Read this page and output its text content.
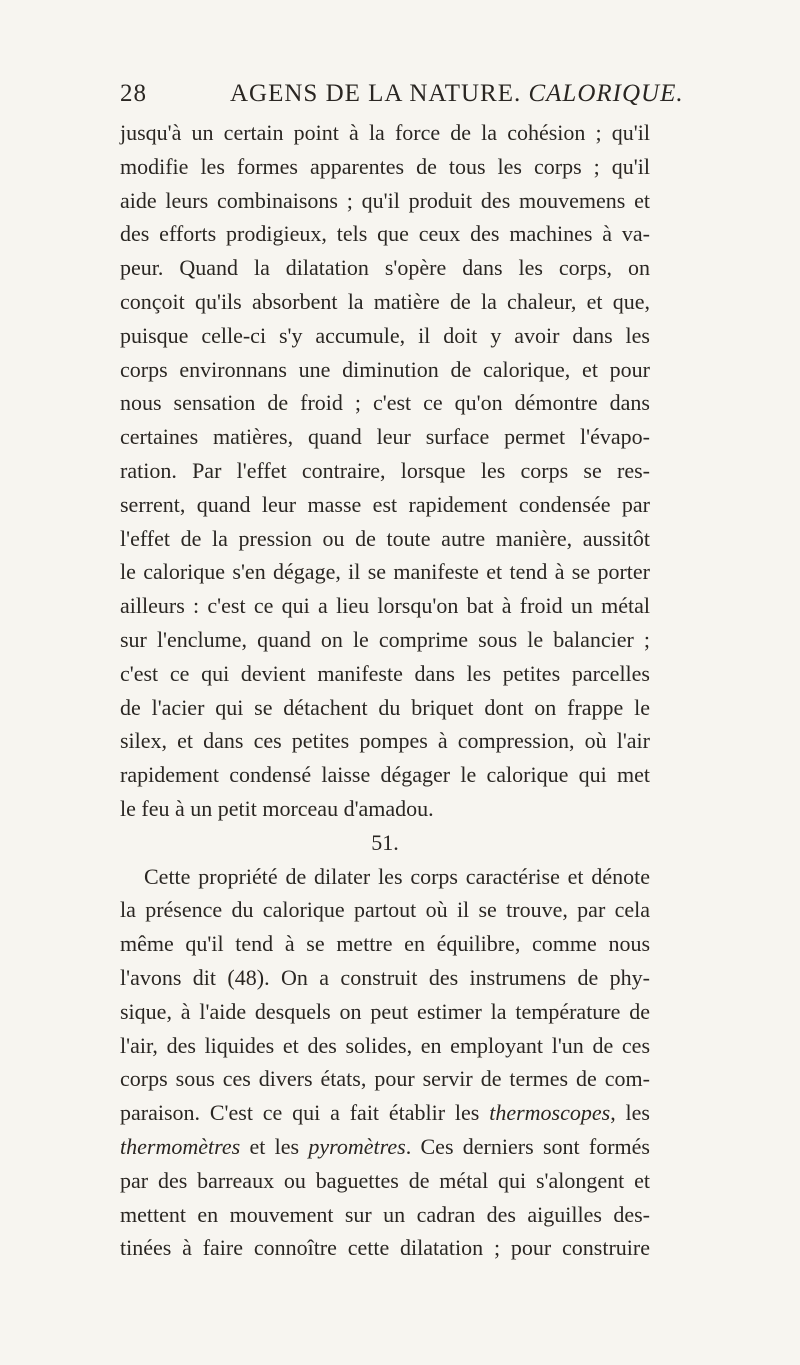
28	AGENS DE LA NATURE. CALORIQUE.
jusqu'à un certain point à la force de la cohésion ; qu'il
modifie les formes apparentes de tous les corps ; qu'il
aide leurs combinaisons ; qu'il produit des mouvemens et
des efforts prodigieux, tels que ceux des machines à va-
peur. Quand la dilatation s'opère dans les corps, on
conçoit qu'ils absorbent la matière de la chaleur, et que,
puisque celle-ci s'y accumule, il doit y avoir dans les
corps environnans une diminution de calorique, et pour
nous sensation de froid ; c'est ce qu'on démontre dans
certaines matières, quand leur surface permet l'évapo-
ration. Par l'effet contraire, lorsque les corps se res-
serrent, quand leur masse est rapidement condensée par
l'effet de la pression ou de toute autre manière, aussitôt
le calorique s'en dégage, il se manifeste et tend à se porter
ailleurs : c'est ce qui a lieu lorsqu'on bat à froid un métal
sur l'enclume, quand on le comprime sous le balancier ;
c'est ce qui devient manifeste dans les petites parcelles
de l'acier qui se détachent du briquet dont on frappe le
silex, et dans ces petites pompes à compression, où l'air
rapidement condensé laisse dégager le calorique qui met
le feu à un petit morceau d'amadou.
51.
Cette propriété de dilater les corps caractérise et dénote
la présence du calorique partout où il se trouve, par cela
même qu'il tend à se mettre en équilibre, comme nous
l'avons dit (48). On a construit des instrumens de phy-
sique, à l'aide desquels on peut estimer la température de
l'air, des liquides et des solides, en employant l'un de ces
corps sous ces divers états, pour servir de termes de com-
paraison. C'est ce qui a fait établir les thermoscopes, les
thermomètres et les pyromètres. Ces derniers sont formés
par des barreaux ou baguettes de métal qui s'alongent et
mettent en mouvement sur un cadran des aiguilles des-
tinées à faire connoître cette dilatation ; pour construire
